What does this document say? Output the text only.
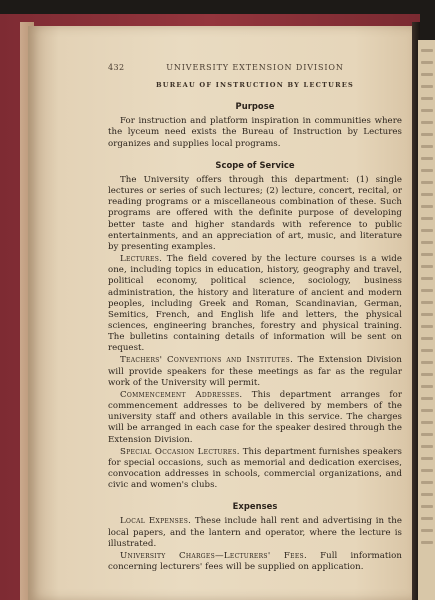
432	UNIVERSITY EXTENSION DIVISION
BUREAU OF INSTRUCTION BY LECTURES
Purpose

For instruction and platform inspiration in communities where the lyceum need exists the Bureau of Instruction by Lectures organizes and supplies local programs.

Scope of Service

The University offers through this department: (1) single lectures or series of such lectures; (2) lecture, concert, recital, or reading programs or a miscellaneous combination of these. Such programs are offered with the definite purpose of developing better taste and higher standards with reference to public entertainments, and an appreciation of art, music, and literature by presenting examples.

Lectures. The field covered by the lecture courses is a wide one, including topics in education, history, geography and travel, political economy, political science, sociology, business administration, the history and literature of ancient and modern peoples, including Greek and Roman, Scandinavian, German, Semitics, French, and English life and letters, the physical sciences, engineering branches, forestry and physical training. The bulletins containing details of information will be sent on request.

Teachers' Conventions and Institutes. The Extension Division will provide speakers for these meetings as far as the regular work of the University will permit.

Commencement Addresses. This department arranges for commencement addresses to be delivered by members of the university staff and others available in this service. The charges will be arranged in each case for the speaker desired through the Extension Division.

Special Occasion Lectures. This department furnishes speakers for special occasions, such as memorial and dedication exercises, convocation addresses in schools, commercial organizations, and civic and women's clubs.

Expenses

Local Expenses. These include hall rent and advertising in the local papers, and the lantern and operator, where the lecture is illustrated.

University Charges—Lecturers' Fees. Full information concerning lecturers' fees will be supplied on application.
